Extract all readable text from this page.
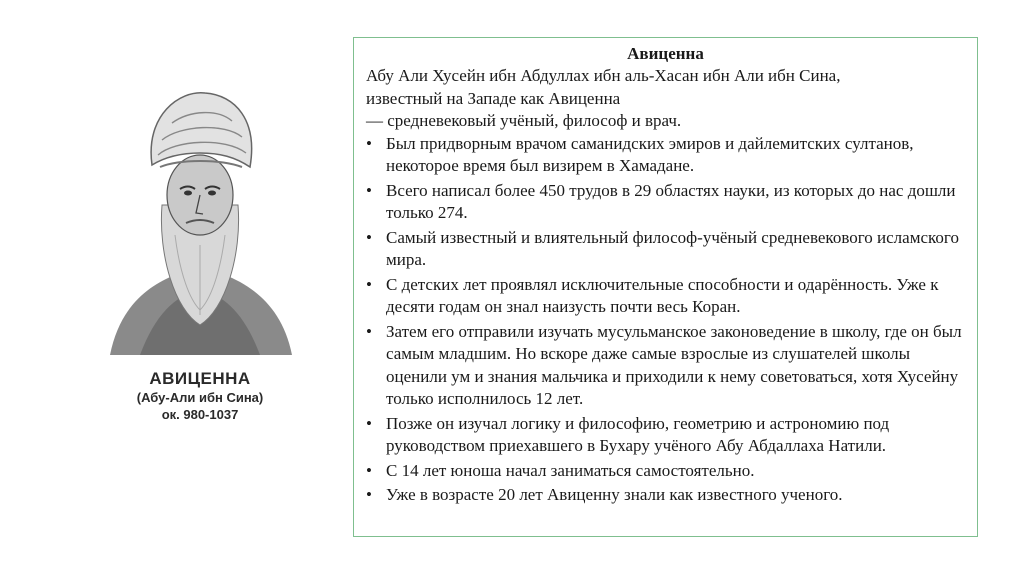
АВИЦЕННА
(Абу-Али ибн Сина)
ок. 980-1037
Авиценна
Абу Али Хусейн ибн Абдуллах ибн аль-Хасан ибн Али ибн Сина,
известный на Западе как Авиценна
— средневековый учёный, философ и врач.
• Был придворным врачом саманидских эмиров и дайлемитских султанов, некоторое время был визирем в Хамадане.
• Всего написал более 450 трудов в 29 областях науки, из которых до нас дошли только 274.
• Самый известный и влиятельный философ-учёный средневекового исламского мира.
• С детских лет проявлял исключительные способности и одарённость. Уже к десяти годам он знал наизусть почти весь Коран.
• Затем его отправили изучать мусульманское законоведение в школу, где он был самым младшим. Но вскоре даже самые взрослые из слушателей школы оценили ум и знания мальчика и приходили к нему советоваться, хотя Хусейну только исполнилось 12 лет.
• Позже он изучал логику и философию, геометрию и астрономию под руководством приехавшего в Бухару учёного Абу Абдаллаха Натили.
• С 14 лет юноша начал заниматься самостоятельно.
• Уже в возрасте 20 лет Авиценну знали как известного ученого.
